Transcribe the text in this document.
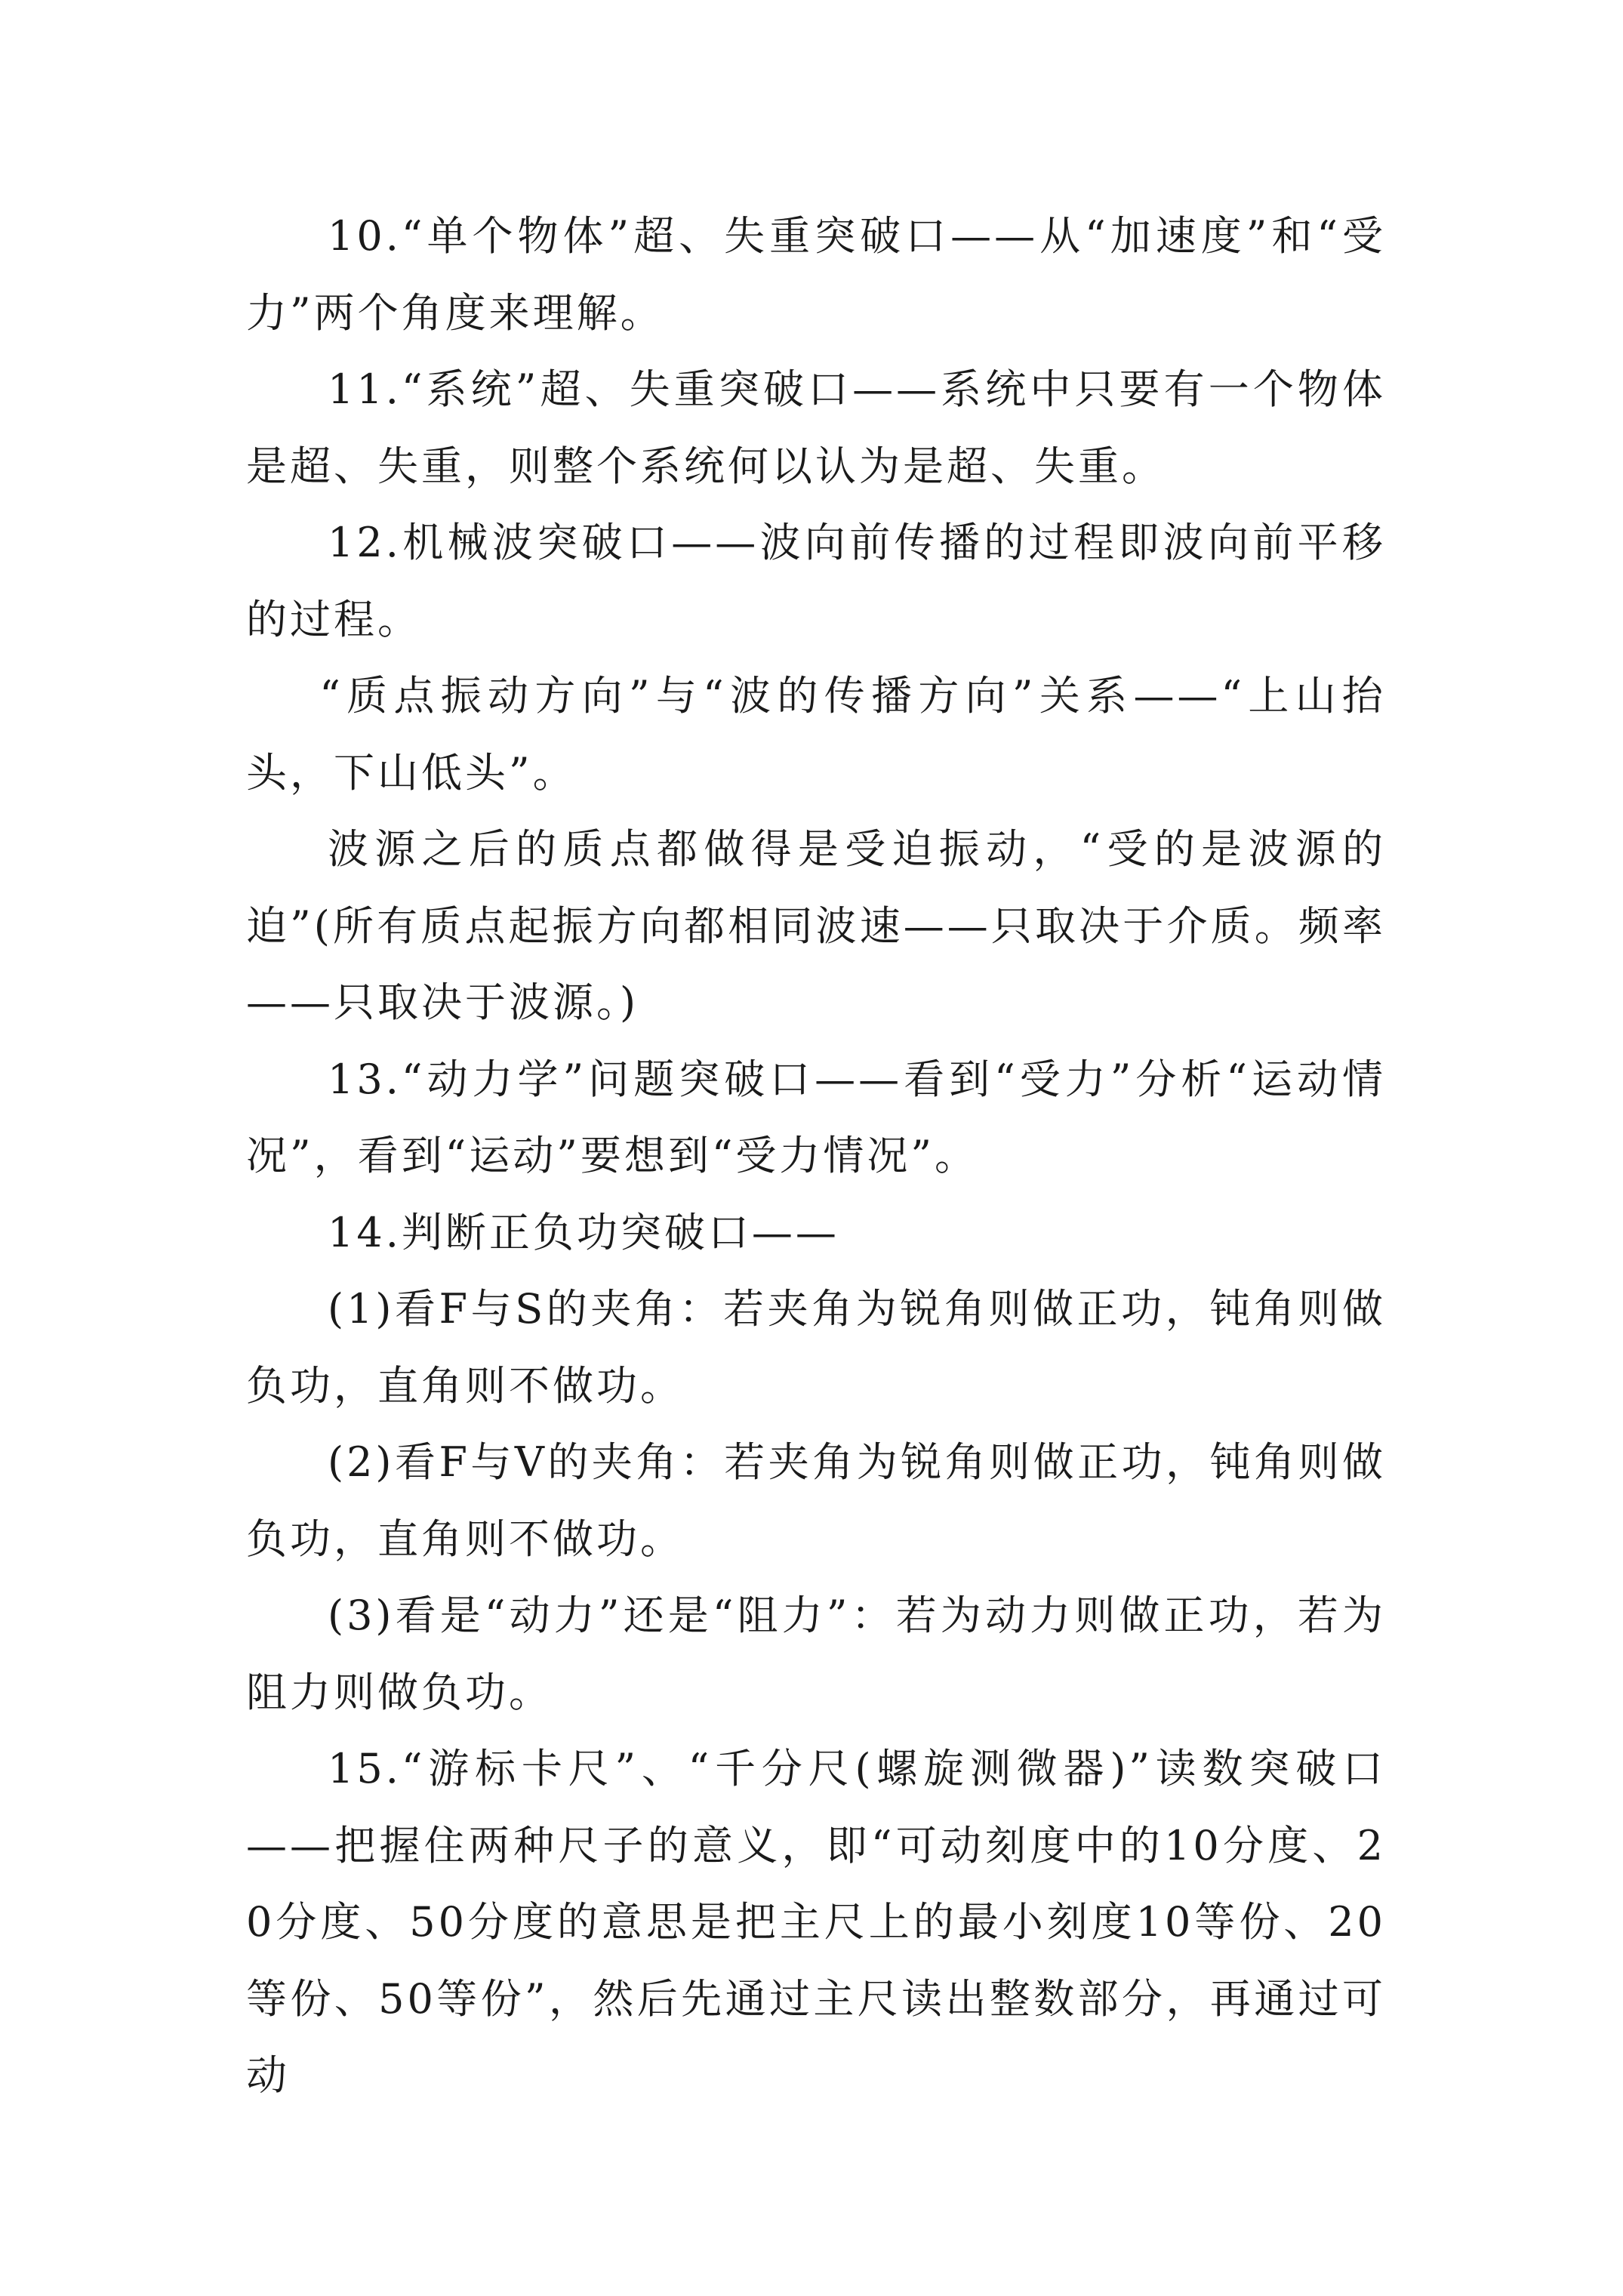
10.“单个物体”超、失重突破口——从“加速度”和“受力”两个角度来理解。

11.“系统”超、失重突破口——系统中只要有一个物体是超、失重，则整个系统何以认为是超、失重。

12.机械波突破口——波向前传播的过程即波向前平移的过程。

“质点振动方向”与“波的传播方向”关系——“上山抬头，下山低头”。

波源之后的质点都做得是受迫振动，“受的是波源的迫”(所有质点起振方向都相同波速——只取决于介质。频率——只取决于波源。)

13.“动力学”问题突破口——看到“受力”分析“运动情况”，看到“运动”要想到“受力情况”。

14.判断正负功突破口——

(1)看F与S的夹角：若夹角为锐角则做正功，钝角则做负功，直角则不做功。

(2)看F与V的夹角：若夹角为锐角则做正功，钝角则做负功，直角则不做功。

(3)看是“动力”还是“阻力”：若为动力则做正功，若为阻力则做负功。

15.“游标卡尺”、“千分尺(螺旋测微器)”读数突破口——把握住两种尺子的意义，即“可动刻度中的10分度、20分度、50分度的意思是把主尺上的最小刻度10等份、20等份、50等份”，然后先通过主尺读出整数部分，再通过可动
